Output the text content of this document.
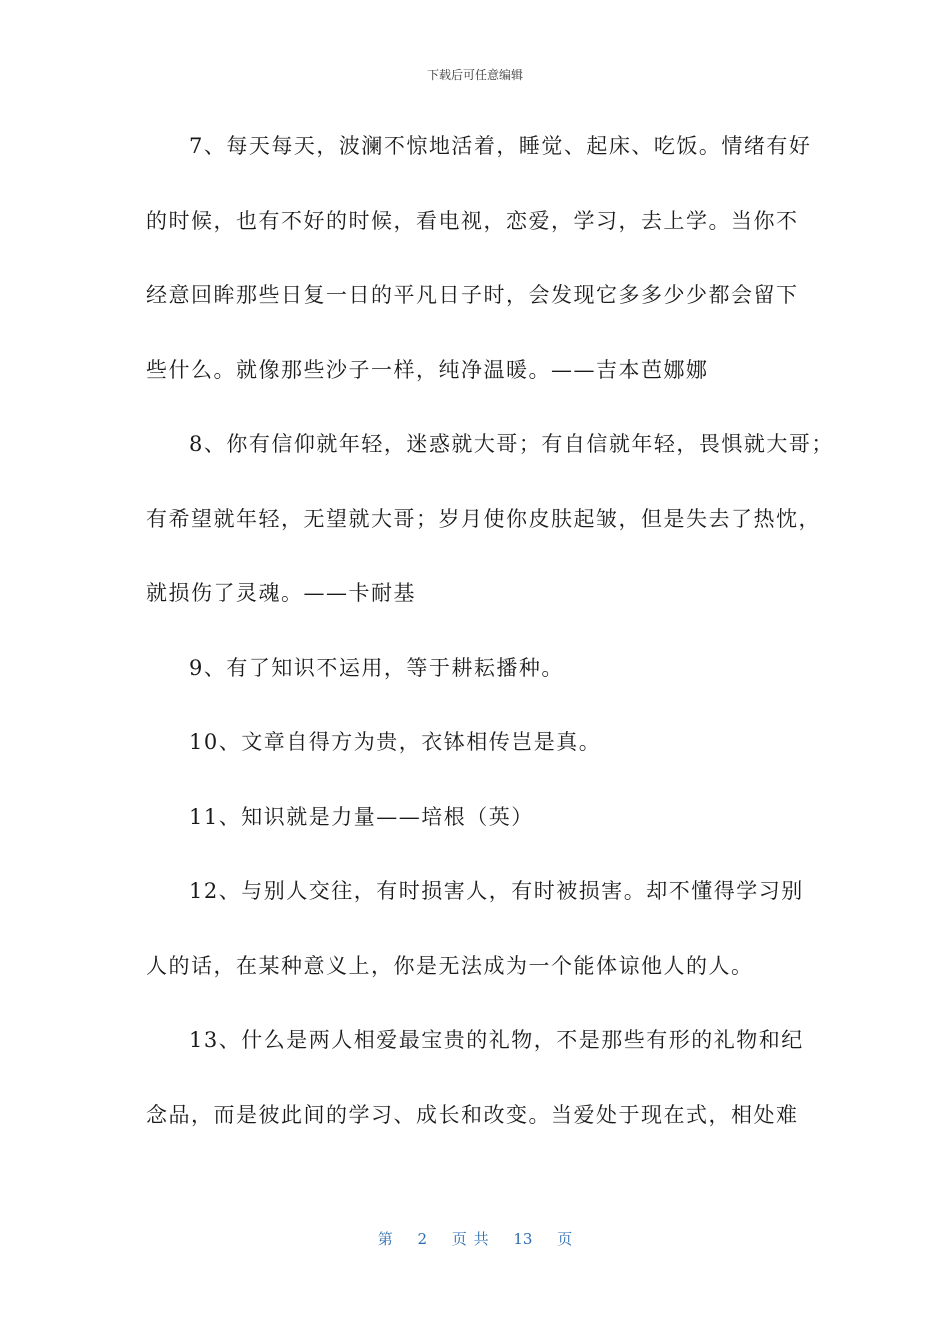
下载后可任意编辑
7、每天每天，波澜不惊地活着，睡觉、起床、吃饭。情绪有好
的时候，也有不好的时候，看电视，恋爱，学习，去上学。当你不
经意回眸那些日复一日的平凡日子时，会发现它多多少少都会留下
些什么。就像那些沙子一样，纯净温暖。——吉本芭娜娜
8、你有信仰就年轻，迷惑就大哥；有自信就年轻，畏惧就大哥；
有希望就年轻，无望就大哥；岁月使你皮肤起皱，但是失去了热忱，
就损伤了灵魂。——卡耐基
9、有了知识不运用，等于耕耘播种。
10、文章自得方为贵，衣钵相传岂是真。
11、知识就是力量——培根（英）
12、与别人交往，有时损害人，有时被损害。却不懂得学习别
人的话，在某种意义上，你是无法成为一个能体谅他人的人。
13、什么是两人相爱最宝贵的礼物，不是那些有形的礼物和纪
念品，而是彼此间的学习、成长和改变。当爱处于现在式，相处难
第 2 页 共 13 页
